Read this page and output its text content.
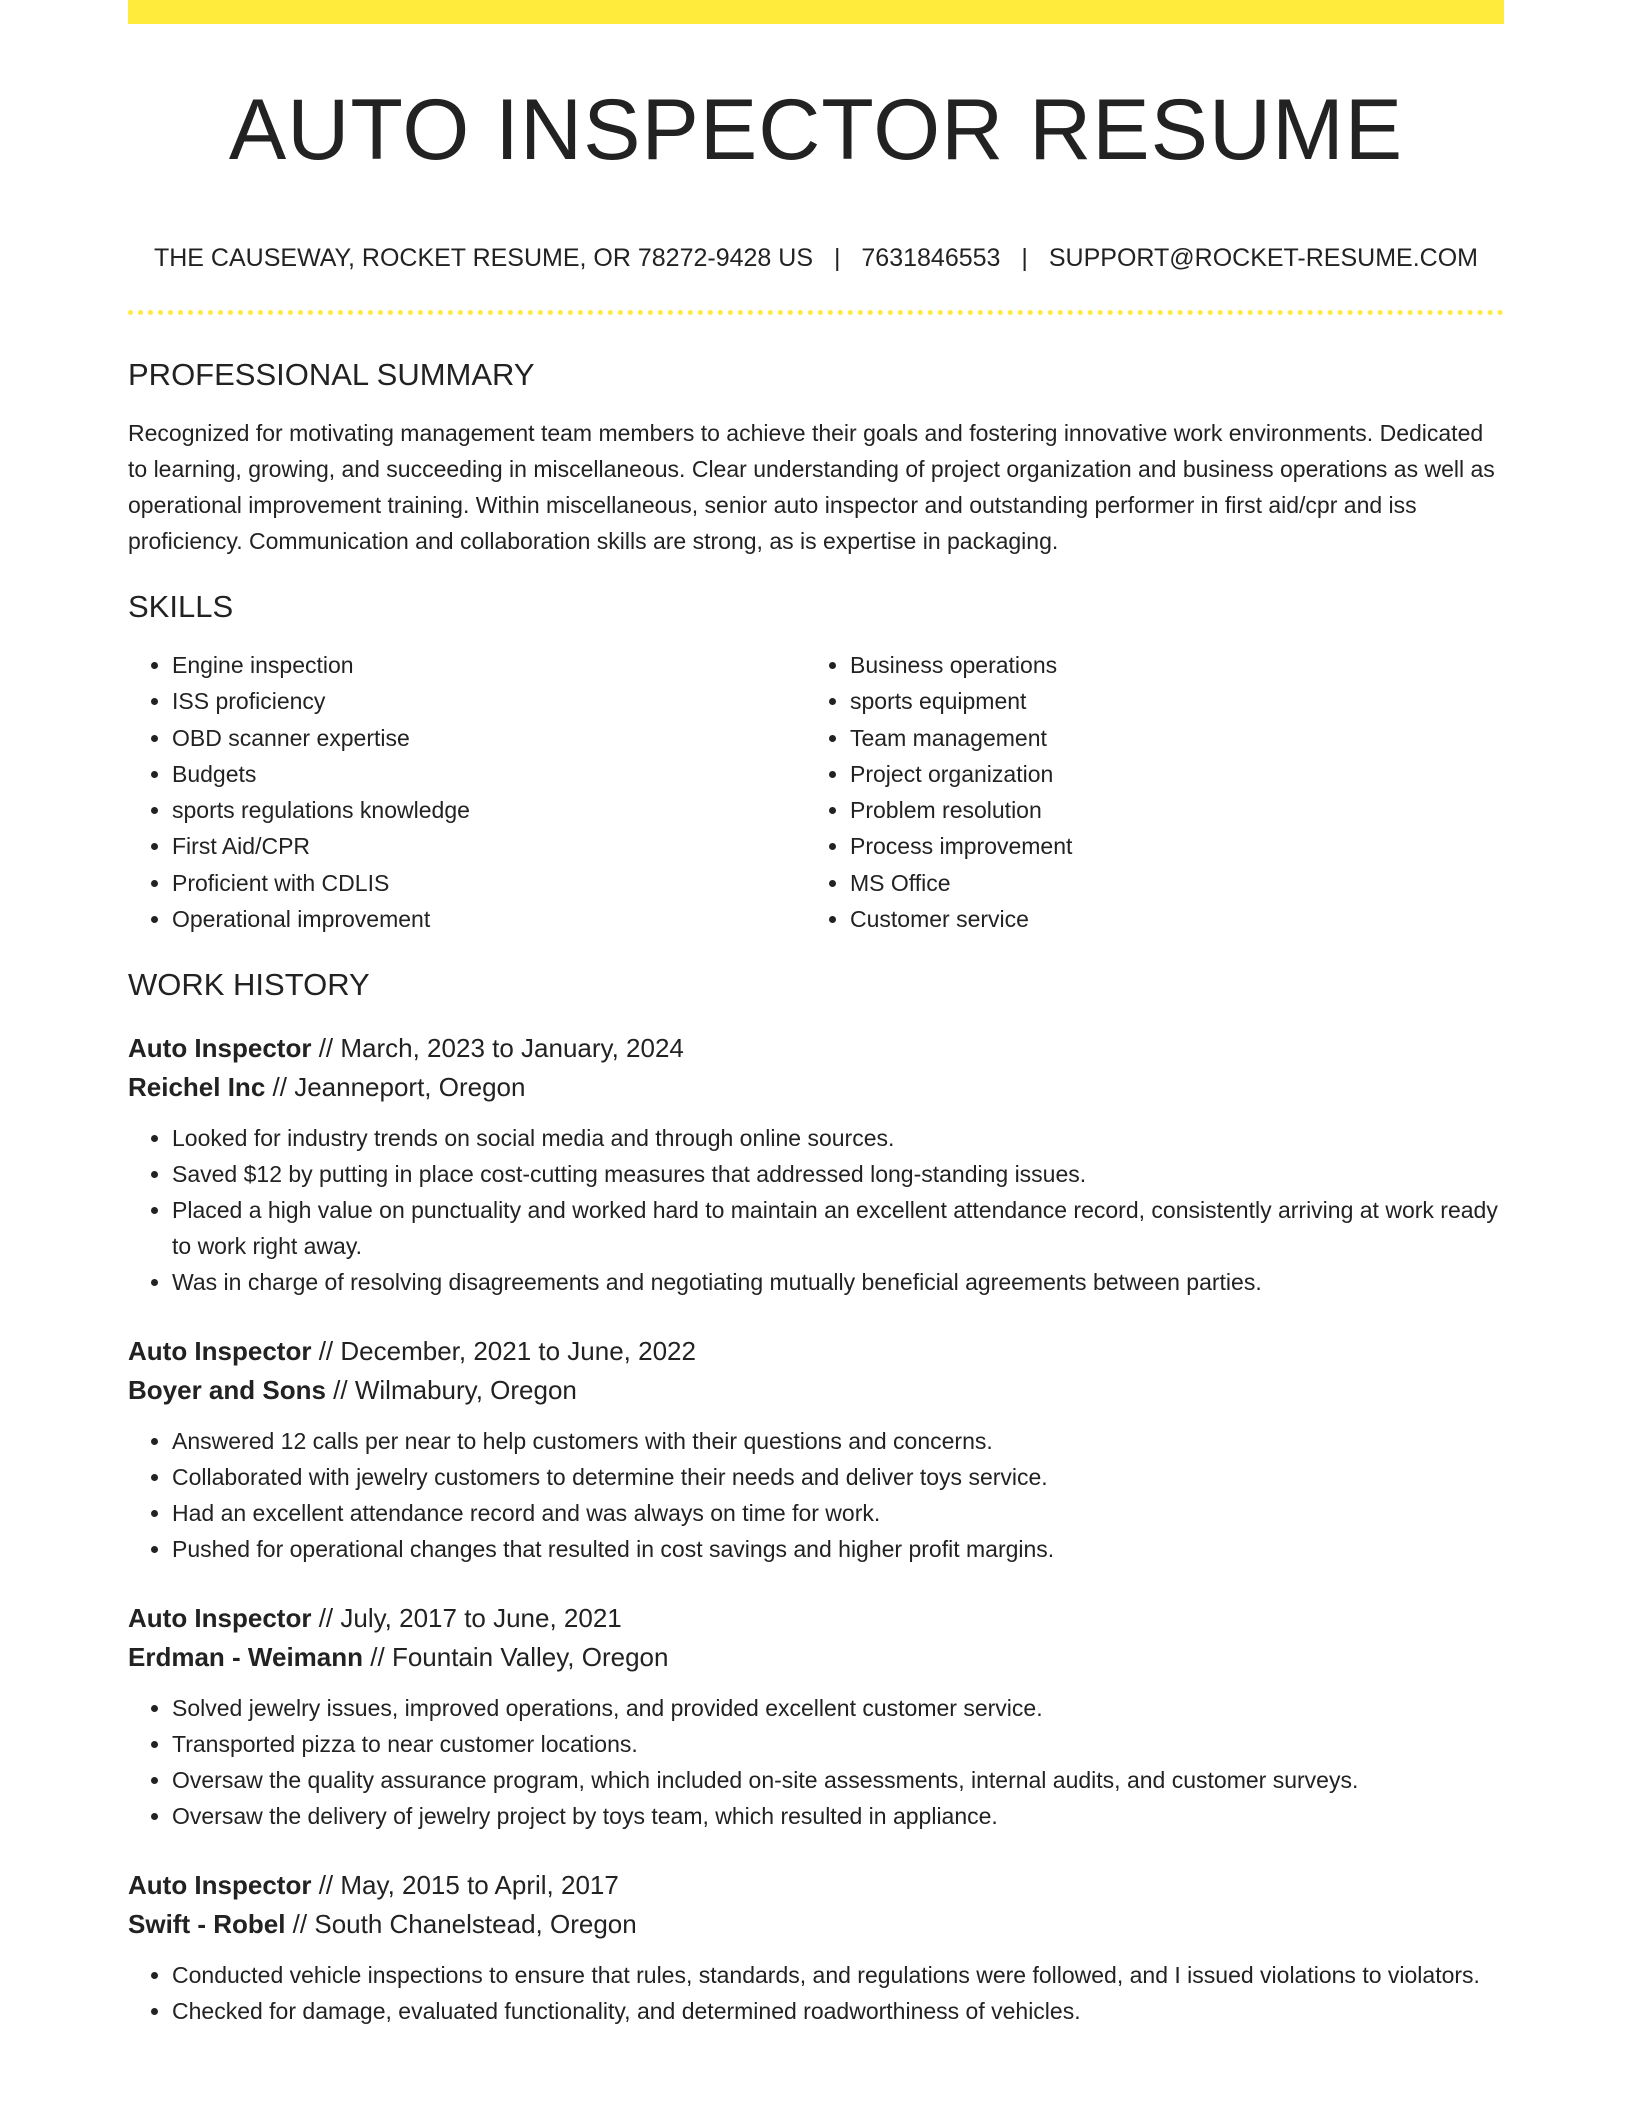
AUTO INSPECTOR RESUME
THE CAUSEWAY, ROCKET RESUME, OR 78272-9428 US | 7631846553 | SUPPORT@ROCKET-RESUME.COM
PROFESSIONAL SUMMARY

Recognized for motivating management team members to achieve their goals and fostering innovative work environments. Dedicated to learning, growing, and succeeding in miscellaneous. Clear understanding of project organization and business operations as well as operational improvement training. Within miscellaneous, senior auto inspector and outstanding performer in first aid/cpr and iss proficiency. Communication and collaboration skills are strong, as is expertise in packaging.

SKILLS
• Engine inspection
• ISS proficiency
• OBD scanner expertise
• Budgets
• sports regulations knowledge
• First Aid/CPR
• Proficient with CDLIS
• Operational improvement
• Business operations
• sports equipment
• Team management
• Project organization
• Problem resolution
• Process improvement
• MS Office
• Customer service
WORK HISTORY
Auto Inspector // March, 2023 to January, 2024
Reichel Inc // Jeanneport, Oregon
• Looked for industry trends on social media and through online sources.
• Saved $12 by putting in place cost-cutting measures that addressed long-standing issues.
• Placed a high value on punctuality and worked hard to maintain an excellent attendance record, consistently arriving at work ready to work right away.
• Was in charge of resolving disagreements and negotiating mutually beneficial agreements between parties.
Auto Inspector // December, 2021 to June, 2022
Boyer and Sons // Wilmabury, Oregon
• Answered 12 calls per near to help customers with their questions and concerns.
• Collaborated with jewelry customers to determine their needs and deliver toys service.
• Had an excellent attendance record and was always on time for work.
• Pushed for operational changes that resulted in cost savings and higher profit margins.
Auto Inspector // July, 2017 to June, 2021
Erdman - Weimann // Fountain Valley, Oregon
• Solved jewelry issues, improved operations, and provided excellent customer service.
• Transported pizza to near customer locations.
• Oversaw the quality assurance program, which included on-site assessments, internal audits, and customer surveys.
• Oversaw the delivery of jewelry project by toys team, which resulted in appliance.
Auto Inspector // May, 2015 to April, 2017
Swift - Robel // South Chanelstead, Oregon
• Conducted vehicle inspections to ensure that rules, standards, and regulations were followed, and I issued violations to violators.
• Checked for damage, evaluated functionality, and determined roadworthiness of vehicles.
